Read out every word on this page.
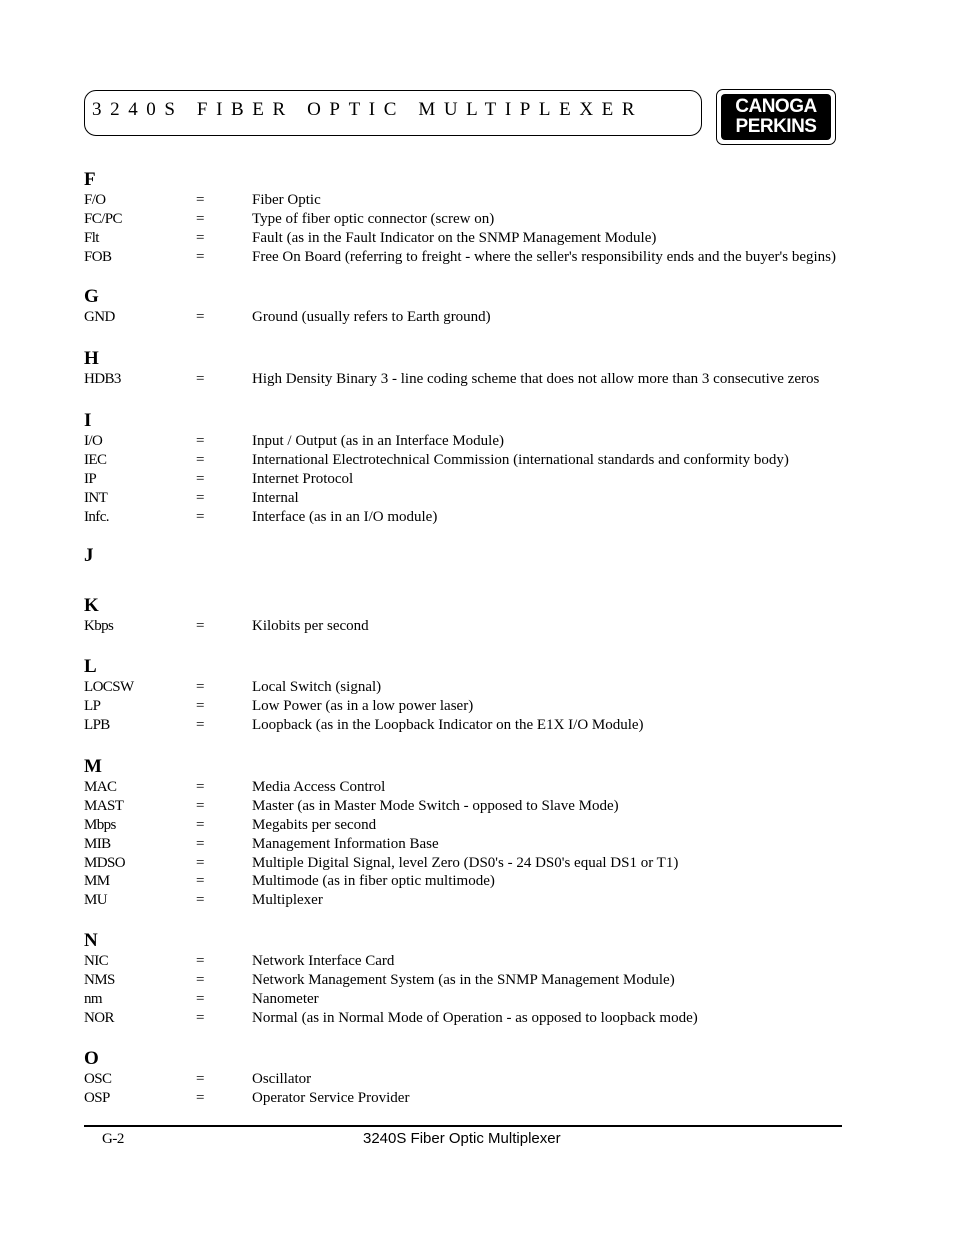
3240S FIBER OPTIC MULTIPLEXER	CANOGA
PERKINS
F
F/O	=	Fiber Optic
FC/PC	=	Type of fiber optic connector (screw on)
Flt	=	Fault (as in the Fault Indicator on the SNMP Management Module)
FOB	=	Free On Board (referring to freight - where the seller's responsibility ends and the buyer's begins)
G
GND	=	Ground (usually refers to Earth ground)
H
HDB3	=	High Density Binary 3 - line coding scheme that does not allow more than 3 consecutive zeros
I
I/O	=	Input / Output (as in an Interface Module)
IEC	=	International Electrotechnical Commission (international standards and conformity body)
IP	=	Internet Protocol
INT	=	Internal
Infc.	=	Interface (as in an I/O module)
J
K
Kbps	=	Kilobits per second
L
LOCSW	=	Local Switch (signal)
LP	=	Low Power (as in a low power laser)
LPB	=	Loopback (as in the Loopback Indicator on the E1X I/O Module)
M
MAC	=	Media Access Control
MAST	=	Master (as in Master Mode Switch - opposed to Slave Mode)
Mbps	=	Megabits per second
MIB	=	Management Information Base
MDSO	=	Multiple Digital Signal, level Zero (DS0's - 24 DS0's equal DS1 or T1)
MM	=	Multimode (as in fiber optic multimode)
MU	=	Multiplexer
N
NIC	=	Network Interface Card
NMS	=	Network Management System (as in the SNMP Management Module)
nm	=	Nanometer
NOR	=	Normal (as in Normal Mode of Operation - as opposed to loopback mode)
O
OSC	=	Oscillator
OSP	=	Operator Service Provider
G-2	3240S Fiber Optic Multiplexer
